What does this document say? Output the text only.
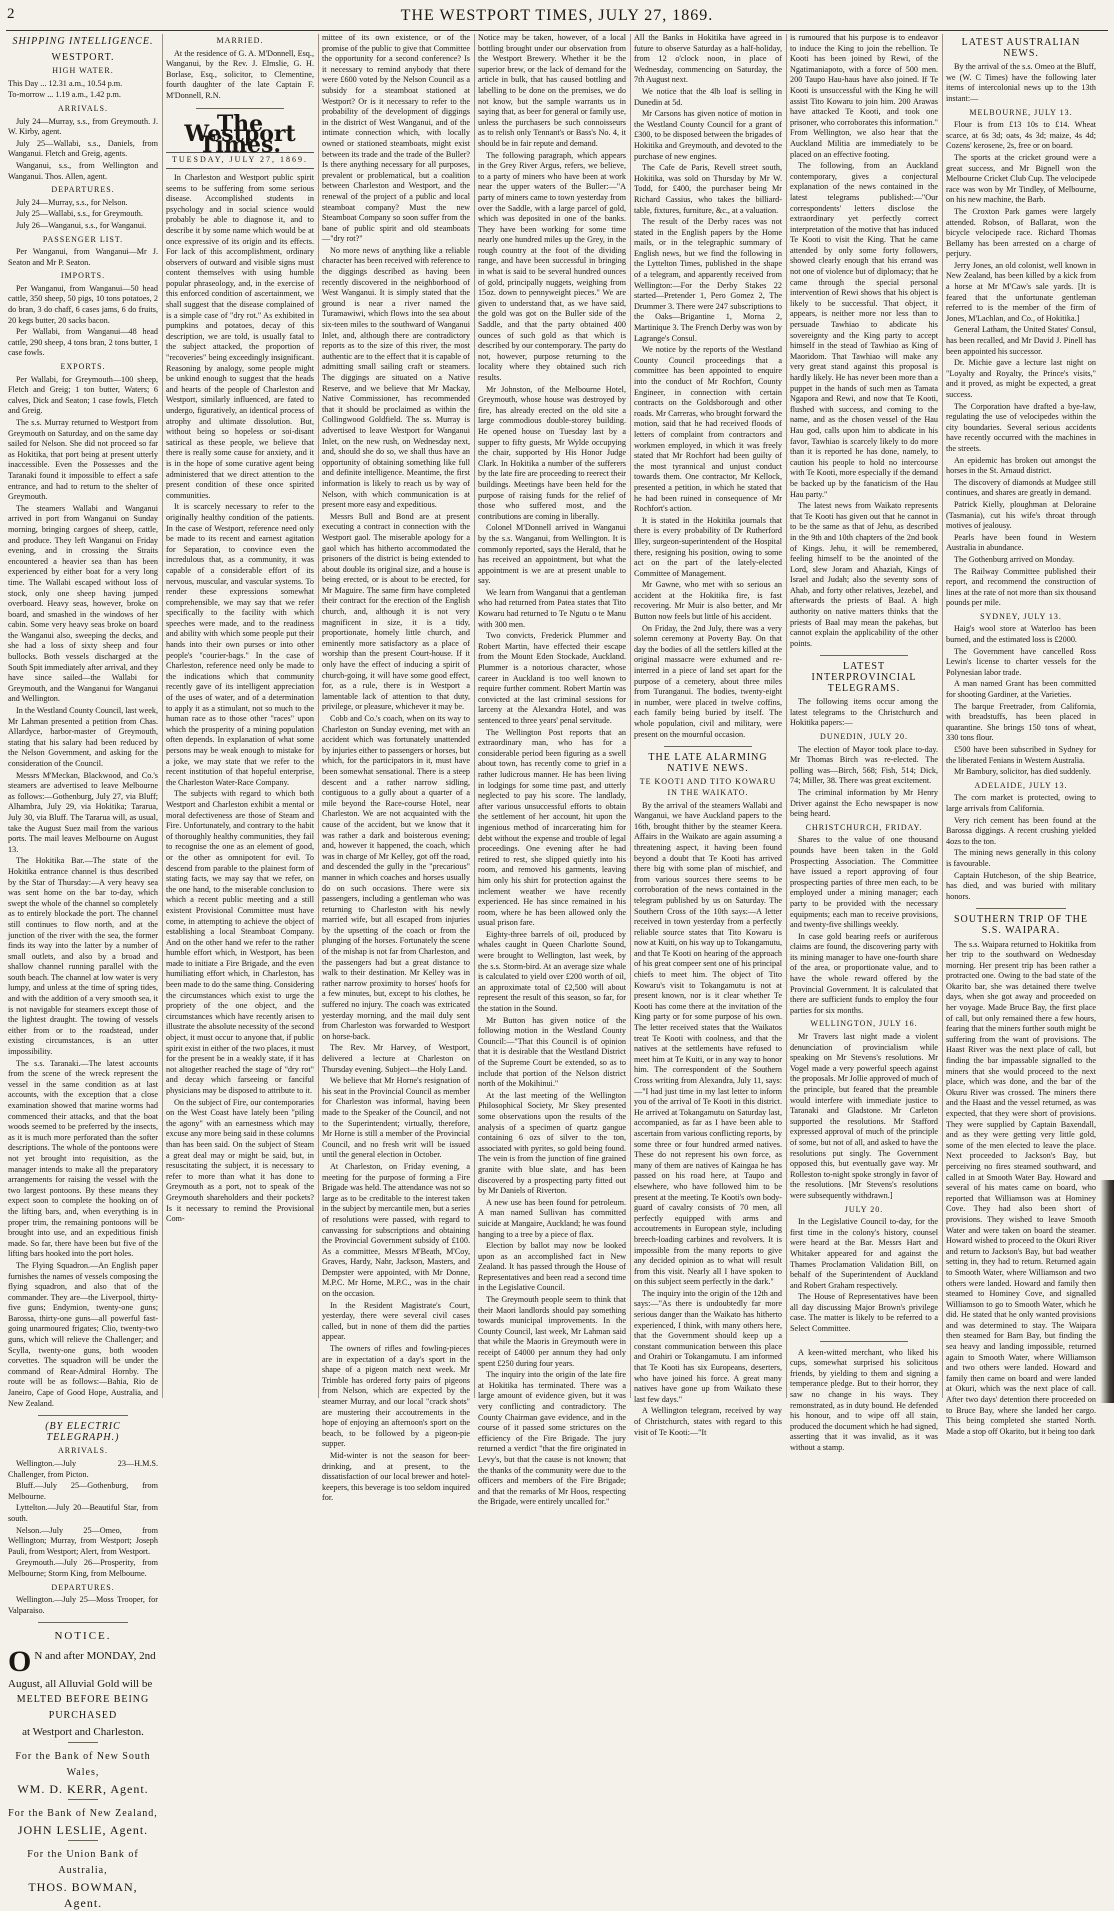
2	THE WESTPORT TIMES, JULY 27, 1869.
SHIPPING INTELLIGENCE.
WESTPORT.
HIGH WATER.

This Day ... 12.31 a.m., 10.54 p.m.

To-morrow ... 1.19 a.m., 1.42 p.m.

ARRIVALS.

July 24—Murray, s.s., from Greymouth. J. W. Kirby, agent.

July 25—Wallabi, s.s., Daniels, from Wanganui. Fletch and Greig, agents.

Wanganui, s.s., from Wellington and Wanganui. Thos. Allen, agent.

DEPARTURES.

July 24—Murray, s.s., for Nelson.

July 25—Wallabi, s.s., for Greymouth.

July 26—Wanganui, s.s., for Wanganui.

PASSENGER LIST.

Per Wanganui, from Wanganui—Mr J. Seaton and Mr P. Seaton.

IMPORTS.

Per Wanganui, from Wanganui—50 head cattle, 350 sheep, 50 pigs, 10 tons potatoes, 2 do bran, 3 do chaff, 6 cases jams, 6 do fruits, 20 kegs butter, 20 sacks bacon.

Per Wallabi, from Wanganui—48 head cattle, 290 sheep, 4 tons bran, 2 tons butter, 1 case fowls.

EXPORTS.

Per Wallabi, for Greymouth—100 sheep, Fletch and Greig; 1 ton butter, Waters; 6 calves, Dick and Seaton; 1 case fowls, Fletch and Greig.

The s.s. Murray returned to Westport from Greymouth on Saturday, and on the same day sailed for Nelson. She did not proceed so far as Hokitika, that port being at present utterly inaccessible. Even the Possesses and the Taranaki found it impossible to effect a safe entrance, and had to return to the shelter of Greymouth.

The steamers Wallabi and Wanganui arrived in port from Wanganui on Sunday morning, bringing cargoes of sheep, cattle, and produce. They left Wanganui on Friday evening, and in crossing the Straits encountered a heavier sea than has been experienced by either boat for a very long time. The Wallabi escaped without loss of stock, only one sheep having jumped overboard. Heavy seas, however, broke on board, and smashed in the windows of her cabin. Some very heavy seas broke on board the Wanganui also, sweeping the decks, and she had a loss of sixty sheep and four bullocks. Both vessels discharged at the South Spit immediately after arrival, and they have since sailed—the Wallabi for Greymouth, and the Wanganui for Wanganui and Wellington.

In the Westland County Council, last week, Mr Lahman presented a petition from Chas. Allardyce, harbor-master of Greymouth, stating that his salary had been reduced by the Nelson Government, and asking for the consideration of the Council.

Messrs M'Meckan, Blackwood, and Co.'s steamers are advertised to leave Melbourne as follows:—Gothenburg, July 27, via Bluff; Alhambra, July 29, via Hokitika; Tararua, July 30, via Bluff. The Tararua will, as usual, take the August Suez mail from the various ports. The mail leaves Melbourne on August 13.

The Hokitika Bar.—The state of the Hokitika entrance channel is thus described by the Star of Thursday:—A very heavy sea was sent home on the bar to-day, which swept the whole of the channel so completely as to entirely blockade the port. The channel still continues to flow north, and at the junction of the river with the sea, the former finds its way into the latter by a number of small outlets, and also by a broad and shallow channel running parallel with the south beach. The channel at low water is very lumpy, and unless at the time of spring tides, and with the addition of a very smooth sea, it is not navigable for steamers except those of the lightest draught. The towing of vessels either from or to the roadstead, under existing circumstances, is an utter impossibility.

The s.s. Taranaki.—The latest accounts from the scene of the wreck represent the vessel in the same condition as at last accounts, with the exception that a close examination showed that marine worms had commenced their attacks, and that the boat woods seemed to be preferred by the insects, as it is much more perforated than the softer descriptions. The whole of the pontoons were not yet brought into requisition, as the manager intends to make all the preparatory arrangements for raising the vessel with the two largest pontoons. By these means they expect soon to complete the hooking on of the lifting bars, and, when everything is in proper trim, the remaining pontoons will be brought into use, and an expeditious finish made. So far, there have been but five of the lifting bars hooked into the port holes.

The Flying Squadron.—An English paper furnishes the names of vessels composing the flying squadron, and also that of the commander. They are—the Liverpool, thirty-five guns; Endymion, twenty-one guns; Barossa, thirty-one guns—all powerful fast-going unarmoured frigates; Clio, twenty-two guns, which will relieve the Challenger; and Scylla, twenty-one guns, both wooden corvettes. The squadron will be under the command of Rear-Admiral Hornby. The route will be as follows:—Bahia, Rio de Janeiro, Cape of Good Hope, Australia, and New Zealand.

(BY ELECTRIC TELEGRAPH.)
ARRIVALS.

Wellington.—July 23—H.M.S. Challenger, from Picton.

Bluff.—July 25—Gothenburg, from Melbourne.

Lyttelton.—July 20—Beautiful Star, from south.

Nelson.—July 25—Omeo, from Wellington; Murray, from Westport; Joseph Pauli, from Westport; Alert, from Westport.

Greymouth.—July 26—Prosperity, from Melbourne; Storm King, from Melbourne.

DEPARTURES.

Wellington.—July 25—Moss Trooper, for Valparaiso.

NOTICE.
O N and after MONDAY, 2nd
August, all Alluvial Gold will be
MELTED BEFORE BEING PURCHASED
at Westport and Charleston.
For the Bank of New South Wales,
WM. D. KERR, Agent.
For the Bank of New Zealand,
JOHN LESLIE, Agent.
For the Union Bank of Australia,
THOS. BOWMAN, Agent.
MARRIED.

At the residence of G. A. M'Donnell, Esq., Wanganui, by the Rev. J. Elmslie, G. H. Borlase, Esq., solicitor, to Clementine, fourth daughter of the late Captain F. M'Donnell, R.N.

The Westport Times.
TUESDAY, JULY 27, 1869.

In Charleston and Westport public spirit seems to be suffering from some serious disease. Accomplished students in psychology and in social science would probably be able to diagnose it, and to describe it by some name which would be at once expressive of its origin and its effects. For lack of this accomplishment, ordinary observers of outward and visible signs must content themselves with using humble popular phraseology, and, in the exercise of this enforced condition of ascertainment, we shall suggest that the disease complained of is a simple case of "dry rot." As exhibited in pumpkins and potatoes, decay of this description, we are told, is usually fatal to the subject attacked, the proportion of "recoveries" being exceedingly insignificant. Reasoning by analogy, some people might be unkind enough to suggest that the heads and hearts of the people of Charleston and Westport, similarly influenced, are fated to undergo, figuratively, an identical process of atrophy and ultimate dissolution. But, without being so hopeless or soi-disant satirical as these people, we believe that there is really some cause for anxiety, and it is in the hope of some curative agent being administered that we direct attention to the present condition of these once spirited communities.

It is scarcely necessary to refer to the originally healthy condition of the patients. In the case of Westport, reference need only be made to its recent and earnest agitation for Separation, to convince even the incredulous that, as a community, it was capable of a considerable effort of its nervous, muscular, and vascular systems. To render these expressions somewhat comprehensible, we may say that we refer specifically to the facility with which speeches were made, and to the readiness and ability with which some people put their hands into their own purses or into other people's "courier-bags." In the case of Charleston, reference need only be made to the indications which that community recently gave of its intelligent appreciation of the uses of water, and of a determination to apply it as a stimulant, not so much to the human race as to those other "races" upon which the prosperity of a mining population often depends. In explanation of what some persons may be weak enough to mistake for a joke, we may state that we refer to the recent institution of that hopeful enterprise, the Charleston Water-Race Company.

The subjects with regard to which both Westport and Charleston exhibit a mental or moral defectiveness are those of Steam and Fire. Unfortunately, and contrary to the habit of thoroughly healthy communities, they fail to recognise the one as an element of good, or the other as omnipotent for evil. To descend from parable to the plainest form of stating facts, we may say that we refer, on the one hand, to the miserable conclusion to which a recent public meeting and a still existent Provisional Committee must have come, in attempting to achieve the object of establishing a local Steamboat Company. And on the other hand we refer to the rather humble effort which, in Westport, has been made to initiate a Fire Brigade, and the even humiliating effort which, in Charleston, has been made to do the same thing. Considering the circumstances which exist to urge the propriety of the one object, and the circumstances which have recently arisen to illustrate the absolute necessity of the second object, it must occur to anyone that, if public spirit exist in either of the two places, it must for the present be in a weakly state, if it has not altogether reached the stage of "dry rot" and decay which farseeing or fanciful physicians may be disposed to attribute to it.

On the subject of Fire, our contemporaries on the West Coast have lately been "piling the agony" with an earnestness which may excuse any more being said in these columns than has been said. On the subject of Steam a great deal may or might be said, but, in resuscitating the subject, it is necessary to refer to more than what it has done to Greymouth as a port, not to speak of the Greymouth shareholders and their pockets? Is it necessary to remind the Provisional Com-

mittee of its own existence, or of the promise of the public to give that Committee the opportunity for a second conference? Is it necessary to remind anybody that there were £600 voted by the Nelson Council as a subsidy for a steamboat stationed at Westport? Or is it necessary to refer to the probability of the development of diggings in the district of West Wanganui, and of the intimate connection which, with locally owned or stationed steamboats, might exist between its trade and the trade of the Buller? Is there anything necessary for all purposes, prevalent or problematical, but a coalition between Charleston and Westport, and the renewal of the project of a public and local steamboat company? Must the new Steamboat Company so soon suffer from the bane of public spirit and old steamboats—"dry rot?"

No more news of anything like a reliable character has been received with reference to the diggings described as having been recently discovered in the neighborhood of West Wanganui. It is simply stated that the ground is near a river named the Turamawiwi, which flows into the sea about six-teen miles to the southward of Wanganui Inlet, and, although there are contradictory reports as to the size of this river, the most authentic are to the effect that it is capable of admitting small sailing craft or steamers. The diggings are situated on a Native Reserve, and we believe that Mr Mackay, Native Commissioner, has recommended that it should be proclaimed as within the Collingwood Goldfield. The ss. Murray is advertised to leave Westport for Wanganui Inlet, on the new rush, on Wednesday next, and, should she do so, we shall thus have an opportunity of obtaining something like full and definite intelligence. Meantime, the first information is likely to reach us by way of Nelson, with which communication is at present more easy and expeditious.

Messrs Bull and Bond are at present executing a contract in connection with the Westport gaol. The miserable apology for a gaol which has hitherto accommodated the prisoners of the district is being extended to about double its original size, and a house is being erected, or is about to be erected, for Mr Maguire. The same firm have completed their contract for the erection of the English church, and, although it is not very magnificent in size, it is a tidy, proportionate, homely little church, and eminently more satisfactory as a place of worship than the present Court-house. If it only have the effect of inducing a spirit of church-going, it will have some good effect, for, as a rule, there is in Westport a lamentable lack of attention to that duty, privilege, or pleasure, whichever it may be.

Cobb and Co.'s coach, when on its way to Charleston on Sunday evening, met with an accident which was fortunately unattended by injuries either to passengers or horses, but which, for the participators in it, must have been somewhat sensational. There is a steep descent and a rather narrow sidling, contiguous to a gully about a quarter of a mile beyond the Race-course Hotel, near Charleston. We are not acquainted with the cause of the accident, but we know that it was rather a dark and boisterous evening; and, however it happened, the coach, which was in charge of Mr Kelley, got off the road, and descended the gully in the "precarious" manner in which coaches and horses usually do on such occasions. There were six passengers, including a gentleman who was returning to Charleston with his newly married wife, but all escaped from injuries by the upsetting of the coach or from the plunging of the horses. Fortunately the scene of the mishap is not far from Charleston, and the passengers had but a great distance to walk to their destination. Mr Kelley was in rather narrow proximity to horses' hoofs for a few minutes, but, except to his clothes, he suffered no injury. The coach was extricated yesterday morning, and the mail duly sent from Charleston was forwarded to Westport on horse-back.

The Rev. Mr Harvey, of Westport, delivered a lecture at Charleston on Thursday evening. Subject—the Holy Land.

We believe that Mr Horne's resignation of his seat in the Provincial Council as member for Charleston was informal, having been made to the Speaker of the Council, and not to the Superintendent; virtually, therefore, Mr Horne is still a member of the Provincial Council, and no fresh writ will be issued until the general election in October.

At Charleston, on Friday evening, a meeting for the purpose of forming a Fire Brigade was held. The attendance was not so large as to be creditable to the interest taken in the subject by mercantile men, but a series of resolutions were passed, with regard to canvassing for subscriptions and obtaining the Provincial Government subsidy of £100. As a committee, Messrs M'Beath, M'Coy, Graves, Hardy, Nahr, Jackson, Masters, and Dempster were appointed, with Mr Donne, M.P.C. Mr Horne, M.P.C., was in the chair on the occasion.

In the Resident Magistrate's Court, yesterday, there were several civil cases called, but in none of them did the parties appear.

The owners of rifles and fowling-pieces are in expectation of a day's sport in the shape of a pigeon match next week. Mr Trimble has ordered forty pairs of pigeons from Nelson, which are expected by the steamer Murray, and our local "crack shots" are mustering their accoutrements in the hope of enjoying an afternoon's sport on the beach, to be followed by a pigeon-pie supper.

Mid-winter is not the season for beer-drinking, and at present, to the dissatisfaction of our local brewer and hotel-keepers, this beverage is too seldom inquired for.

Notice may be taken, however, of a local bottling brought under our observation from the Westport Brewery. Whether it be the superior brew, or the lack of demand for the article in bulk, that has caused bottling and labelling to be done on the premises, we do not know, but the sample warrants us in saying that, as beer for general or family use, unless the purchasers be such connoisseurs as to relish only Tennant's or Bass's No. 4, it should be in fair repute and demand.

The following paragraph, which appears in the Grey River Argus, refers, we believe, to a party of miners who have been at work near the upper waters of the Buller:—"A party of miners came to town yesterday from over the Saddle, with a large parcel of gold, which was deposited in one of the banks. They have been working for some time nearly one hundred miles up the Grey, in the rough country at the foot of the dividing range, and have been successful in bringing in what is said to be several hundred ounces of gold, principally nuggets, weighing from 15oz. down to pennyweight pieces." We are given to understand that, as we have said, the gold was got on the Buller side of the Saddle, and that the party obtained 400 ounces of such gold as that which is described by our contemporary. The party do not, however, purpose returning to the locality where they obtained such rich results.

Mr Johnston, of the Melbourne Hotel, Greymouth, whose house was destroyed by fire, has already erected on the old site a large commodious double-storey building. He opened house on Tuesday last by a supper to fifty guests, Mr Wylde occupying the chair, supported by His Honor Judge Clark. In Hokitika a number of the sufferers by the late fire are proceeding to reerect their buildings. Meetings have been held for the purpose of raising funds for the relief of those who suffered most, and the contributions are coming in liberally.

Colonel M'Donnell arrived in Wanganui by the s.s. Wanganui, from Wellington. It is commonly reported, says the Herald, that he has received an appointment, but what the appointment is we are at present unable to say.

We learn from Wanganui that a gentleman who had returned from Patea states that Tito Kowaru had returned to Te Ngutu o te Manu with 300 men.

Two convicts, Frederick Plummer and Robert Martin, have effected their escape from the Mount Eden Stockade, Auckland. Plummer is a notorious character, whose career in Auckland is too well known to require further comment. Robert Martin was convicted at the last criminal sessions for larceny at the Alexandra Hotel, and was sentenced to three years' penal servitude.

The Wellington Post reports that an extraordinary man, who has for a considerable period been figuring as a swell about town, has recently come to grief in a rather ludicrous manner. He has been living in lodgings for some time past, and utterly neglected to pay his score. The landlady, after various unsuccessful efforts to obtain the settlement of her account, hit upon the ingenious method of incarcerating him for debt without the expense and trouble of legal proceedings. One evening after he had retired to rest, she slipped quietly into his room, and removed his garments, leaving him only his shirt for protection against the inclement weather we have recently experienced. He has since remained in his room, where he has been allowed only the usual prison fare.

Eighty-three barrels of oil, produced by whales caught in Queen Charlotte Sound, were brought to Wellington, last week, by the s.s. Storm-bird. At an average size whale is calculated to yield over £200 worth of oil, an approximate total of £2,500 will about represent the result of this season, so far, for the station in the Sound.

Mr Button has given notice of the following motion in the Westland County Council:—"That this Council is of opinion that it is desirable that the Westland District of the Supreme Court be extended, so as to include that portion of the Nelson district north of the Mokihinui."

At the last meeting of the Wellington Philosophical Society, Mr Skey presented some observations upon the results of the analysis of a specimen of quartz gangue containing 6 ozs of silver to the ton, associated with pyrites, so gold being found. The vein is from the junction of fine grained granite with blue slate, and has been discovered by a prospecting party fitted out by Mr Daniels of Riverton.

A new use has been found for petroleum. A man named Sullivan has committed suicide at Mangaire, Auckland; he was found hanging to a tree by a piece of flax.

Election by ballot may now be looked upon as an accomplished fact in New Zealand. It has passed through the House of Representatives and been read a second time in the Legislative Council.

The Greymouth people seem to think that their Maori landlords should pay something towards municipal improvements. In the County Council, last week, Mr Lahman said that while the Maoris in Greymouth were in receipt of £4000 per annum they had only spent £250 during four years.

The inquiry into the origin of the late fire at Hokitika has terminated. There was a large amount of evidence given, but it was very conflicting and contradictory. The County Chairman gave evidence, and in the course of it passed some strictures on the efficiency of the Fire Brigade. The jury returned a verdict "that the fire originated in Levy's, but that the cause is not known; that the thanks of the community were due to the officers and members of the Fire Brigade; and that the remarks of Mr Hoos, respecting the Brigade, were entirely uncalled for."

All the Banks in Hokitika have agreed in future to observe Saturday as a half-holiday, from 12 o'clock noon, in place of Wednesday, commencing on Saturday, the 7th August next.

We notice that the 4lb loaf is selling in Dunedin at 5d.

Mr Carsons has given notice of motion in the Westland County Council for a grant of £300, to be disposed between the brigades of Hokitika and Greymouth, and devoted to the purchase of new engines.

The Cafe de Paris, Revell street south, Hokitika, was sold on Thursday by Mr W. Todd, for £400, the purchaser being Mr Richard Cassius, who takes the billiard-table, fixtures, furniture, &c., at a valuation.

The result of the Derby races was not stated in the English papers by the Home mails, or in the telegraphic summary of English news, but we find the following in the Lyttelton Times, published in the shape of a telegram, and apparently received from Wellington:—For the Derby Stakes 22 started—Pretender 1, Pero Gomez 2, The Drummer 3. There were 247 subscriptions to the Oaks—Brigantine 1, Morna 2, Martinique 3. The French Derby was won by Lagrange's Consul.

We notice by the reports of the Westland County Council proceedings that a committee has been appointed to enquire into the conduct of Mr Rochfort, County Engineer, in connection with certain contracts on the Goldsborough and other roads. Mr Carreras, who brought forward the motion, said that he had received floods of letters of complaint from contractors and workmen employed, in which it was freely stated that Mr Rochfort had been guilty of the most tyrannical and unjust conduct towards them. One contractor, Mr Kellock, presented a petition, in which he stated that he had been ruined in consequence of Mr Rochfort's action.

It is stated in the Hokitika journals that there is every probability of Dr Rutherford Illey, surgeon-superintendent of the Hospital there, resigning his position, owing to some act on the part of the lately-elected Committee of Management.

Mr Gawne, who met with so serious an accident at the Hokitika fire, is fast recovering. Mr Muir is also better, and Mr Button now feels but little of his accident.

On Friday, the 2nd July, there was a very solemn ceremony at Poverty Bay. On that day the bodies of all the settlers killed at the original massacre were exhumed and re-interred in a piece of land set apart for the purpose of a cemetery, about three miles from Turanganui. The bodies, twenty-eight in number, were placed in twelve coffins, each family being buried by itself. The whole population, civil and military, were present on the mournful occasion.

THE LATE ALARMING NATIVE NEWS.
TE KOOTI AND TITO KOWARU IN THE WAIKATO.

By the arrival of the steamers Wallabi and Wanganui, we have Auckland papers to the 16th, brought thither by the steamer Keera. Affairs in the Waikato are again assuming a threatening aspect, it having been found beyond a doubt that Te Kooti has arrived there big with some plan of mischief, and from various sources there seems to be corroboration of the news contained in the telegram published by us on Saturday. The Southern Cross of the 10th says:—A letter received in town yesterday from a perfectly reliable source states that Tito Kowaru is now at Kuiti, on his way up to Tokangamutu, and that Te Kooti on hearing of the approach of his great compeer sent one of his principal chiefs to meet him. The object of Tito Kowaru's visit to Tokangamutu is not at present known, nor is it clear whether Te Kooti has come there at the invitation of the King party or for some purpose of his own. The letter received states that the Waikatos treat Te Kooti with coolness, and that the natives at the settlements have refused to meet him at Te Kuiti, or in any way to honor him. The correspondent of the Southern Cross writing from Alexandra, July 11, says:—"I had just time in my last letter to inform you of the arrival of Te Kooti in this district. He arrived at Tokangamutu on Saturday last, accompanied, as far as I have been able to ascertain from various conflicting reports, by some three or four hundred armed natives. These do not represent his own force, as many of them are natives of Kaingaa he has passed on his road here, at Taupo and elsewhere, who have followed him to be present at the meeting. Te Kooti's own body-guard of cavalry consists of 70 men, all perfectly equipped with arms and accoutrements in European style, including breech-loading carbines and revolvers. It is impossible from the many reports to give any decided opinion as to what will result from this visit. Nearly all I have spoken to on this subject seem perfectly in the dark."

The inquiry into the origin of the 12th and says:—"As there is undoubtedly far more serious danger than the Waikato has hitherto experienced, I think, with many others here, that the Government should keep up a constant communication between this place and Orahiri or Tokangamutu. I am informed that Te Kooti has six Europeans, deserters, who have joined his force. A great many natives have gone up from Waikato these last few days."

A Wellington telegram, received by way of Christchurch, states with regard to this visit of Te Kooti:—"It

is rumoured that his purpose is to endeavor to induce the King to join the rebellion. Te Kooti has been joined by Rewi, of the Ngatimaniapoto, with a force of 500 men. 200 Taupo Hau-haus have also joined. If Te Kooti is unsuccessful with the King he will assist Tito Kowaru to join him. 200 Arawas have attacked Te Kooti, and took one prisoner, who corroborates this information." From Wellington, we also hear that the Auckland Militia are immediately to be placed on an effective footing.

The following, from an Auckland contemporary, gives a conjectural explanation of the news contained in the latest telegrams published:—"Our correspondents' letters disclose the extraordinary yet perfectly correct interpretation of the motive that has induced Te Kooti to visit the King. That he came attended by only some forty followers, showed clearly enough that his errand was not one of violence but of diplomacy; that he came through the special personal intervention of Rewi shows that his object is likely to be successful. That object, it appears, is neither more nor less than to persuade Tawhiao to abdicate his sovereignty and the King party to accept himself in the stead of Tawhiao as King of Maoridom. That Tawhiao will make any very great stand against this proposal is hardly likely. He has never been more than a puppet in the hands of such men as Tamata Ngapora and Rewi, and now that Te Kooti, flushed with success, and coming to the name, and as the chosen vessel of the Hau Hau god, calls upon him to abdicate in his favor, Tawhiao is scarcely likely to do more than it is reported he has done, namely, to caution his people to hold no intercourse with Te Kooti, more especially if the demand be backed up by the fanaticism of the Hau Hau party."

The latest news from Waikato represents that Te Kooti has given out that he cannot in to be the same as that of Jehu, as described in the 9th and 10th chapters of the 2nd book of Kings. Jehu, it will be remembered, feeling himself to be the anointed of the Lord, slew Joram and Ahaziah, Kings of Israel and Judah; also the seventy sons of Ahab, and forty other relatives, Jezebel, and afterwards the priests of Baal. A high authority on native matters thinks that the priests of Baal may mean the pakehas, but cannot explain the applicability of the other points.

LATEST INTERPROVINCIAL TELEGRAMS.

The following items occur among the latest telegrams to the Christchurch and Hokitika papers:—

DUNEDIN, JULY 20.

The election of Mayor took place to-day. Mr Thomas Birch was re-elected. The polling was—Birch, 568; Fish, 514; Dick, 74; Miller, 38. There was great excitement.

The criminal information by Mr Henry Driver against the Echo newspaper is now being heard.

CHRISTCHURCH, FRIDAY.

Shares to the value of one thousand pounds have been taken in the Gold Prospecting Association. The Committee have issued a report approving of four prospecting parties of three men each, to be employed under a mining manager; each party to be provided with the necessary equipments; each man to receive provisions, and twenty-five shillings weekly.

In case gold bearing reefs or auriferous claims are found, the discovering party with its mining manager to have one-fourth share of the area, or proportionate value, and to have the whole reward offered by the Provincial Government. It is calculated that there are sufficient funds to employ the four parties for six months.

WELLINGTON, JULY 16.

Mr Travers last night made a violent denunciation of provincialism while speaking on Mr Stevens's resolutions. Mr Vogel made a very powerful speech against the proposals. Mr Jollie approved of much of the principle, but feared that the preamble would interfere with immediate justice to Taranaki and Gladstone. Mr Carleton supported the resolutions. Mr Stafford expressed approval of much of the principle of some, but not of all, and asked to have the resolutions put singly. The Government opposed this, but eventually gave way. Mr Rolleston to-night spoke strongly in favor of the resolutions. [Mr Stevens's resolutions were subsequently withdrawn.]

JULY 20.

In the Legislative Council to-day, for the first time in the colony's history, counsel were heard at the Bar. Messrs Hart and Whitaker appeared for and against the Thames Proclamation Validation Bill, on behalf of the Superintendent of Auckland and Robert Graham respectively.

The House of Representatives have been all day discussing Major Brown's privilege case. The matter is likely to be referred to a Select Committee.

A keen-witted merchant, who liked his cups, somewhat surprised his solicitous friends, by yielding to them and signing a temperance pledge. But to their horror, they saw no change in his ways. They remonstrated, as in duty bound. He defended his honour, and to wipe off all stain, produced the document which he had signed, asserting that it was invalid, as it was without a stamp.

LATEST AUSTRALIAN NEWS.

By the arrival of the s.s. Omeo at the Bluff, we (W. C Times) have the following later items of intercolonial news up to the 13th instant:—

MELBOURNE, JULY 13.

Flour is from £13 10s to £14. Wheat scarce, at 6s 3d; oats, 4s 3d; maize, 4s 4d; Cozens' kerosene, 2s, free or on board.

The sports at the cricket ground were a great success, and Mr Bignell won the Melbourne Cricket Club Cup. The velocipede race was won by Mr Tindley, of Melbourne, on his new machine, the Barb.

The Croxton Park games were largely attended. Robson, of Ballarat, won the bicycle velocipede race. Richard Thomas Bellamy has been arrested on a charge of perjury.

Jerry Jones, an old colonist, well known in New Zealand, has been killed by a kick from a horse at Mr M'Caw's sale yards. [It is feared that the unfortunate gentleman referred to is the member of the firm of Jones, M'Lachlan, and Co., of Hokitika.]

General Latham, the United States' Consul, has been recalled, and Mr David J. Pinell has been appointed his successor.

Dr. Michie gave a lecture last night on "Loyalty and Royalty, the Prince's visits," and it proved, as might be expected, a great success.

The Corporation have drafted a bye-law, regulating the use of velocipedes within the city boundaries. Several serious accidents have recently occurred with the machines in the streets.

An epidemic has broken out amongst the horses in the St. Arnaud district.

The discovery of diamonds at Mudgee still continues, and shares are greatly in demand.

Patrick Kielly, ploughman at Deloraine (Tasmania), cut his wife's throat through motives of jealousy.

Pearls have been found in Western Australia in abundance.

The Gothenburg arrived on Monday.

The Railway Committee published their report, and recommend the construction of lines at the rate of not more than six thousand pounds per mile.

SYDNEY, JULY 13.

Haig's wool store at Waterloo has been burned, and the estimated loss is £2000.

The Government have cancelled Ross Lewin's license to charter vessels for the Polynesian labor trade.

A man named Grant has been committed for shooting Gardiner, at the Varieties.

The barque Freetrader, from California, with breadstuffs, has been placed in quarantine. She brings 150 tons of wheat, 330 tons flour.

£500 have been subscribed in Sydney for the liberated Fenians in Western Australia.

Mr Bambury, solicitor, has died suddenly.

ADELAIDE, JULY 13.

The corn market is protected, owing to large arrivals from California.

Very rich cement has been found at the Barossa diggings. A recent crushing yielded 4ozs to the ton.

The mining news generally in this colony is favourable.

Captain Hutcheson, of the ship Beatrice, has died, and was buried with military honors.

SOUTHERN TRIP OF THE S.S. WAIPARA.

The s.s. Waipara returned to Hokitika from her trip to the southward on Wednesday morning. Her present trip has been rather a protracted one. Owing to the bad state of the Okarito bar, she was detained there twelve days, when she got away and proceeded on her voyage. Made Bruce Bay, the first place of call, but only remained there a few hours, fearing that the miners further south might be suffering from the want of provisions. The Haast River was the next place of call, but finding the bar impassable signalled to the miners that she would proceed to the next place, which was done, and the bar of the Okuru River was crossed. The miners there and the Haast and the vessel returned, as was expected, that they were short of provisions. They were supplied by Captain Baxendall, and as they were getting very little gold, some of the men elected to leave the place. Next proceeded to Jackson's Bay, but perceiving no fires steamed southward, and called in at Smooth Water Bay. Howard and several of his mates came on board, who reported that Williamson was at Hominey Cove. They had also been short of provisions. They wished to leave Smooth Water and were taken on board the steamer. Howard wished to proceed to the Okuri River and return to Jackson's Bay, but bad weather setting in, they had to return. Returned again to Smooth Water, where Williamson and two others were landed. Howard and family then steamed to Hominey Cove, and signalled Williamson to go to Smooth Water, which he did. He stated that he only wanted provisions and was determined to stay. The Waipara then steamed for Barn Bay, but finding the sea heavy and landing impossible, returned again to Smooth Water, where Williamson and two others were landed. Howard and family then came on board and were landed at Okuri, which was the next place of call. After two days' detention there proceeded on to Bruce Bay, where she landed her cargo. This being completed she started North. Made a stop off Okarito, but it being too dark
